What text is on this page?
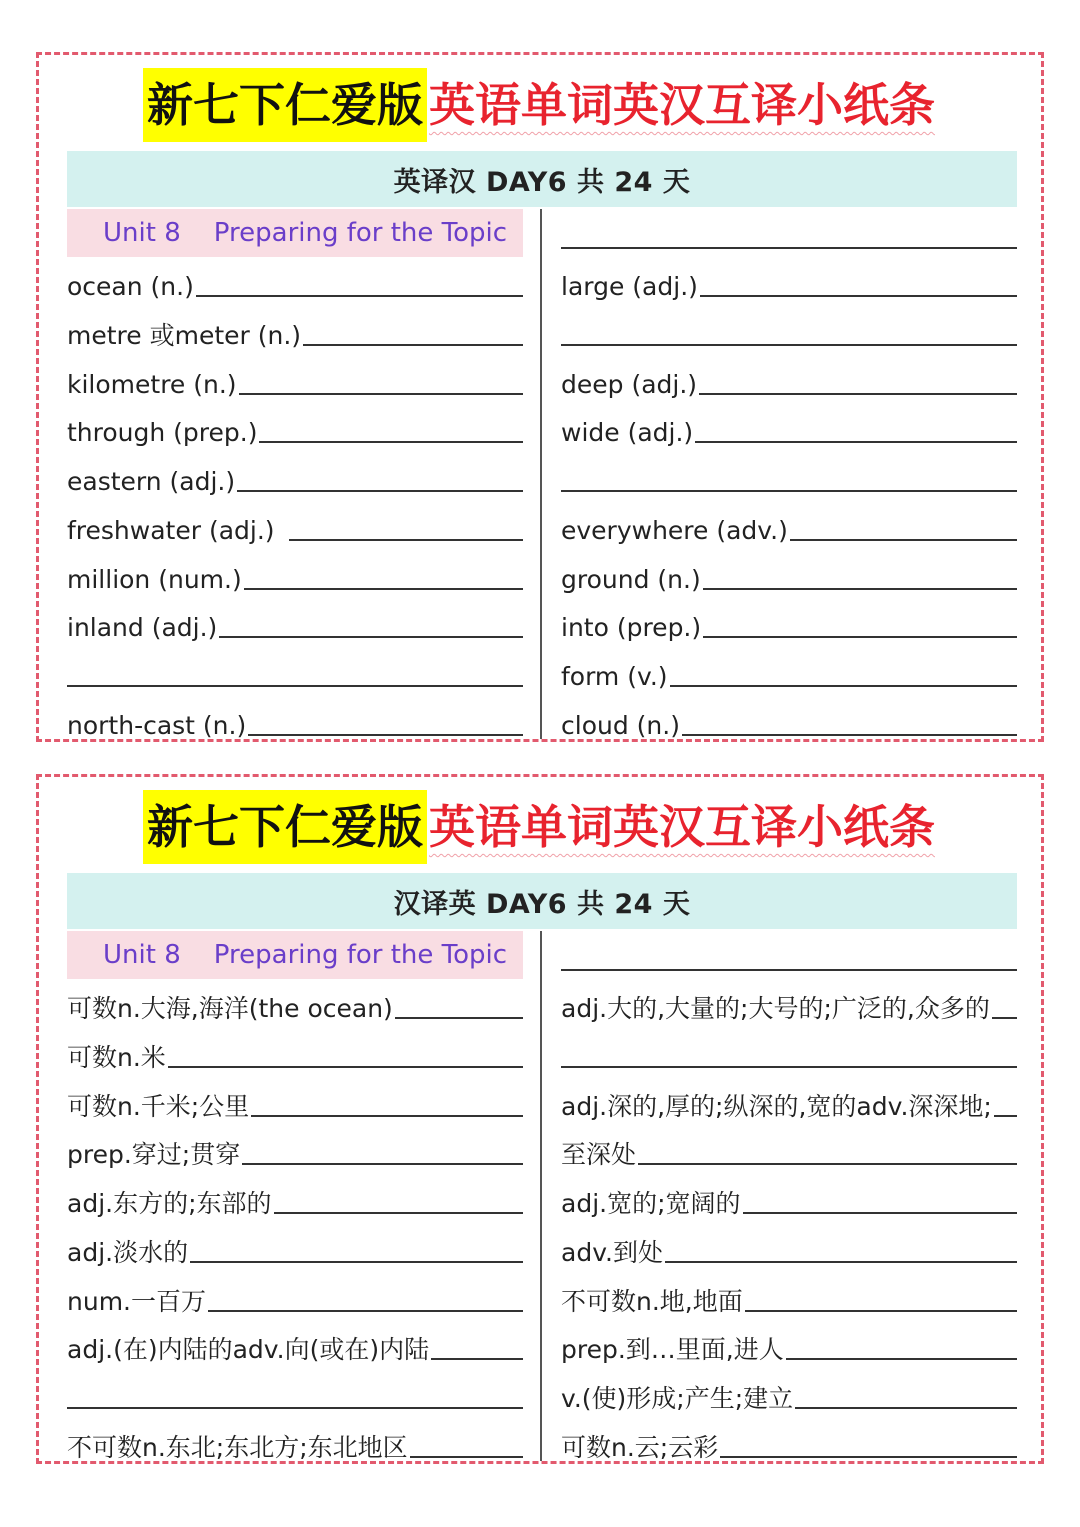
新七下仁爱版 英语单词英汉互译小纸条
英译汉 DAY6 共 24 天
Unit 8    Preparing for the Topic
ocean (n.)
metre 或meter (n.)
kilometre (n.)
through (prep.)
eastern (adj.)
freshwater (adj.)
million (num.)
inland (adj.)
north-cast (n.)
large (adj.)
deep (adj.)
wide (adj.)
everywhere (adv.)
ground (n.)
into (prep.)
form (v.)
cloud (n.)
新七下仁爱版 英语单词英汉互译小纸条
汉译英 DAY6 共 24 天
Unit 8    Preparing for the Topic
可数n.大海,海洋(the ocean)
可数n.米
可数n.千米;公里
prep.穿过;贯穿
adj.东方的;东部的
adj.淡水的
num.一百万
adj.(在)内陆的adv.向(或在)内陆
不可数n.东北;东北方;东北地区
adj.大的,大量的;大号的;广泛的,众多的
adj.深的,厚的;纵深的,宽的adv.深深地;
至深处
adj.宽的;宽阔的
adv.到处
不可数n.地,地面
prep.到…里面,进人
v.(使)形成;产生;建立
可数n.云;云彩
